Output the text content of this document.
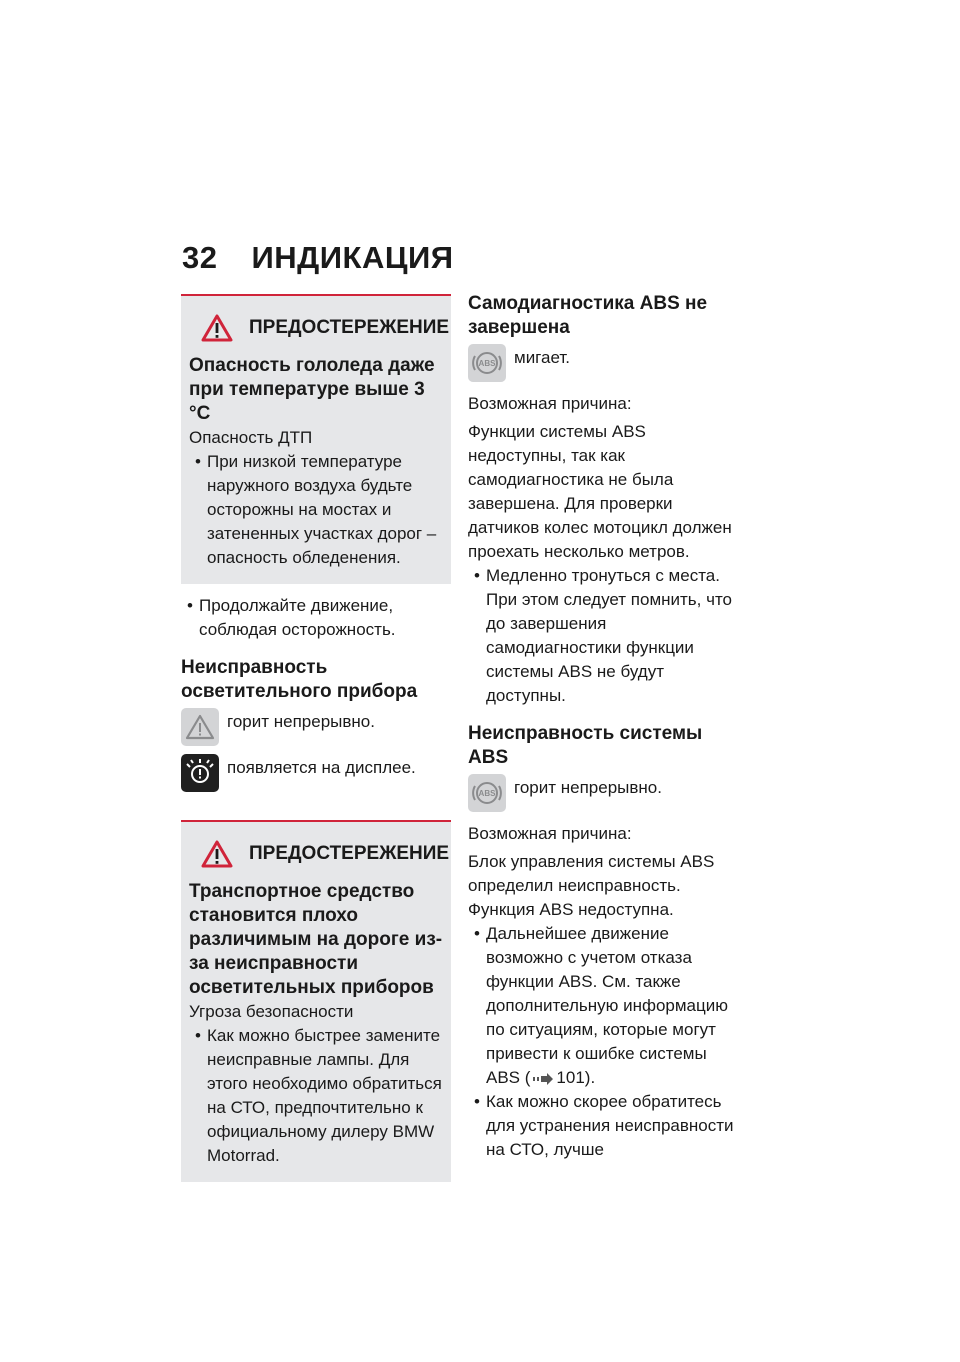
32 ИНДИКАЦИЯ
ПРЕДОСТЕРЕЖЕНИЕ
Опасность гололеда даже при температуре выше 3 °C
Опасность ДТП
• При низкой температуре наружного воздуха будьте осторожны на мостах и затененных участках дорог – опасность обледенения.
• Продолжайте движение, соблюдая осторожность.
Неисправность осветительного прибора
горит непрерывно.
появляется на дисплее.
ПРЕДОСТЕРЕЖЕНИЕ
Транспортное средство становится плохо различимым на дороге из-за неисправности осветительных приборов
Угроза безопасности
• Как можно быстрее замените неисправные лампы. Для этого необходимо обратиться на СТО, предпочтительно к официальному дилеру BMW Motorrad.
Самодиагностика ABS не завершена
ABS мигает.
Возможная причина:
Функции системы ABS недоступны, так как самодиагностика не была завершена. Для проверки датчиков колес мотоцикл должен проехать несколько метров.
• Медленно тронуться с места. При этом следует помнить, что до завершения самодиагностики функции системы ABS не будут доступны.
Неисправность системы ABS
ABS горит непрерывно.
Возможная причина:
Блок управления системы ABS определил неисправность.
Функция ABS недоступна.
• Дальнейшее движение возможно с учетом отказа функции ABS. См. также дополнительную информацию по ситуациям, которые могут привести к ошибке системы ABS ( 101).
• Как можно скорее обратитесь для устранения неисправности на СТО, лучше
